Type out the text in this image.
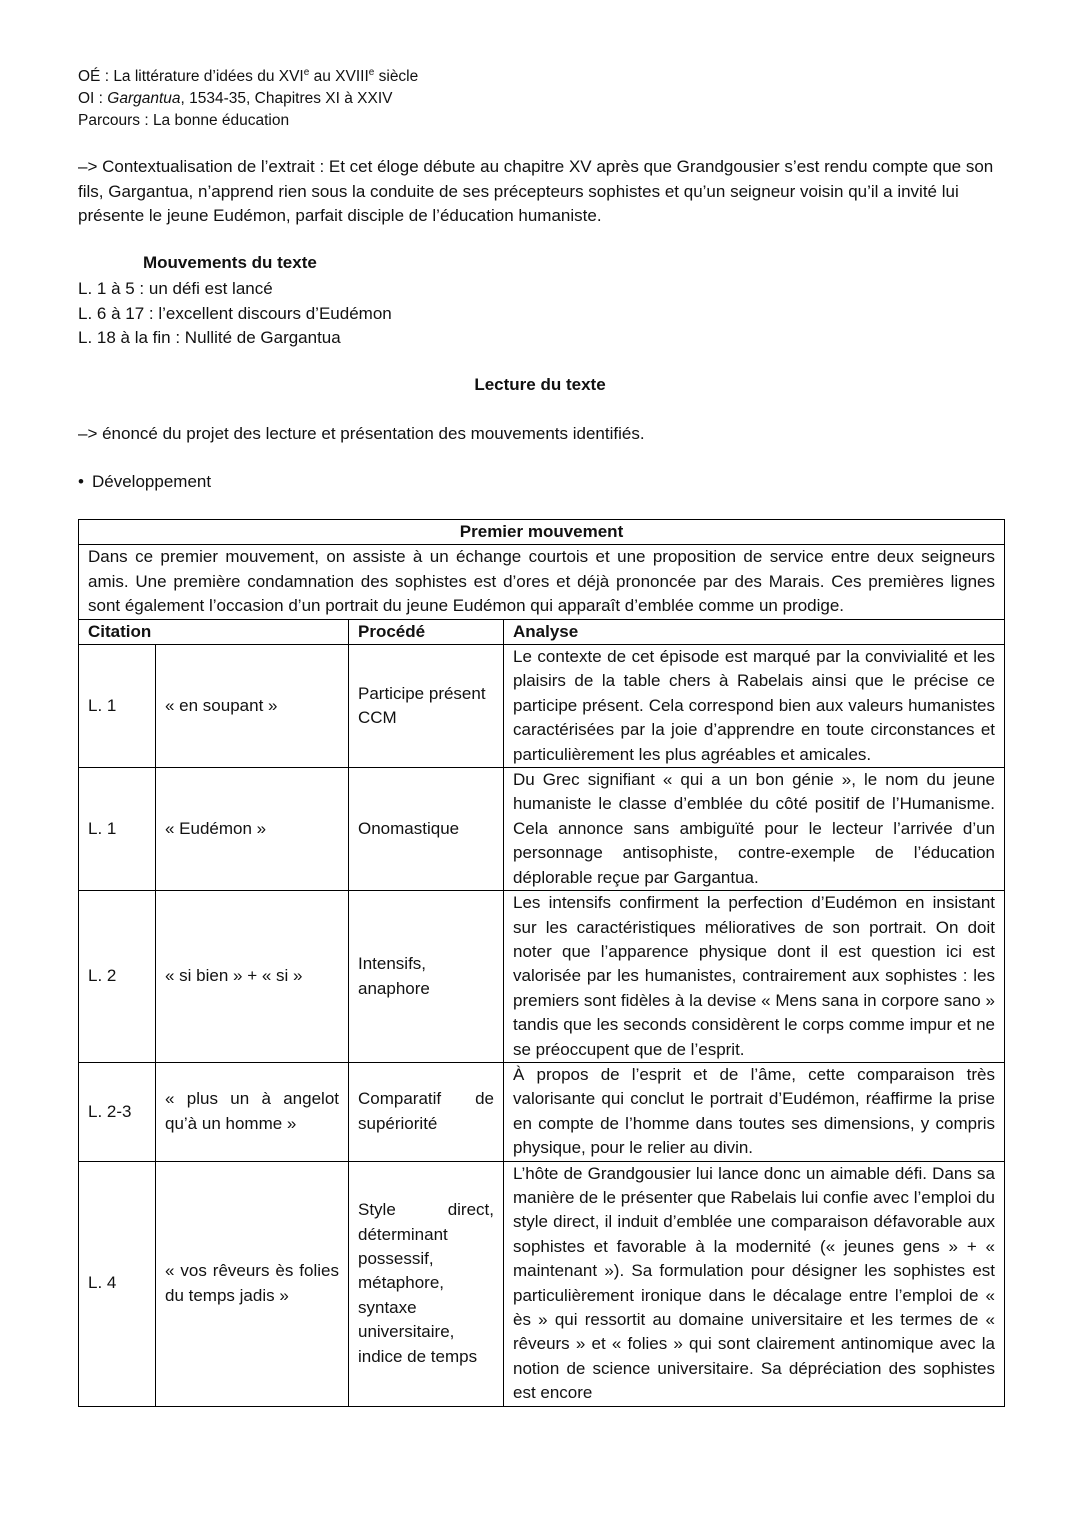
OÉ : La littérature d’idées du XVIe au XVIIIe siècle
OI : Gargantua, 1534-35, Chapitres XI à XXIV
Parcours : La bonne éducation
–> Contextualisation de l’extrait : Et cet éloge débute au chapitre XV après que Grandgousier s’est rendu compte que son fils, Gargantua, n’apprend rien sous la conduite de ses précepteurs sophistes et qu’un seigneur voisin qu’il a invité lui présente le jeune Eudémon, parfait disciple de l’éducation humaniste.
Mouvements du texte
L. 1 à 5 : un défi est lancé
L. 6 à 17 : l’excellent discours d’Eudémon
L. 18 à la fin : Nullité de Gargantua
Lecture du texte
–> énoncé du projet des lecture et présentation des mouvements identifiés.
• Développement
Premier mouvement			
Dans ce premier mouvement, on assiste à un échange courtois et une proposition de service entre deux seigneurs amis. Une première condamnation des sophistes est d’ores et déjà prononcée par des Marais. Ces premières lignes sont également l’occasion d’un portrait du jeune Eudémon qui apparaît d’emblée comme un prodige.			
Citation		Procédé	Analyse
L. 1	« en soupant »	Participe présent CCM	Le contexte de cet épisode est marqué par la convivialité et les plaisirs de la table chers à Rabelais ainsi que le précise ce participe présent. Cela correspond bien aux valeurs humanistes caractérisées par la joie d’apprendre en toute circonstances et particulièrement les plus agréables et amicales.
L. 1	« Eudémon »	Onomastique	Du Grec signifiant « qui a un bon génie », le nom du jeune humaniste le classe d’emblée du côté positif de l’Humanisme. Cela annonce sans ambiguïté pour le lecteur l’arrivée d’un personnage antisophiste, contre-exemple de l’éducation déplorable reçue par Gargantua.
L. 2	« si bien » + « si »	Intensifs, anaphore	Les intensifs confirment la perfection d’Eudémon en insistant sur les caractéristiques mélioratives de son portrait. On doit noter que l’apparence physique dont il est question ici est valorisée par les humanistes, contrairement aux sophistes : les premiers sont fidèles à la devise « Mens sana in corpore sano » tandis que les seconds considèrent le corps comme impur et ne se préoccupent que de l’esprit.
L. 2-3	« plus un à angelot qu’à un homme »	Comparatif de supériorité	À propos de l’esprit et de l’âme, cette comparaison très valorisante qui conclut le portrait d’Eudémon, réaffirme la prise en compte de l’homme dans toutes ses dimensions, y compris physique, pour le relier au divin.
L. 4	« vos rêveurs ès folies du temps jadis »	Style direct, déterminant possessif, métaphore, syntaxe universitaire, indice de temps	L’hôte de Grandgousier lui lance donc un aimable défi. Dans sa manière de le présenter que Rabelais lui confie avec l’emploi du style direct, il induit d’emblée une comparaison défavorable aux sophistes et favorable à la modernité (« jeunes gens » + « maintenant »). Sa formulation pour désigner les sophistes est particulièrement ironique dans le décalage entre l’emploi de « ès » qui ressortit au domaine universitaire et les termes de « rêveurs » et « folies » qui sont clairement antinomique avec la notion de science universitaire. Sa dépréciation des sophistes est encore
